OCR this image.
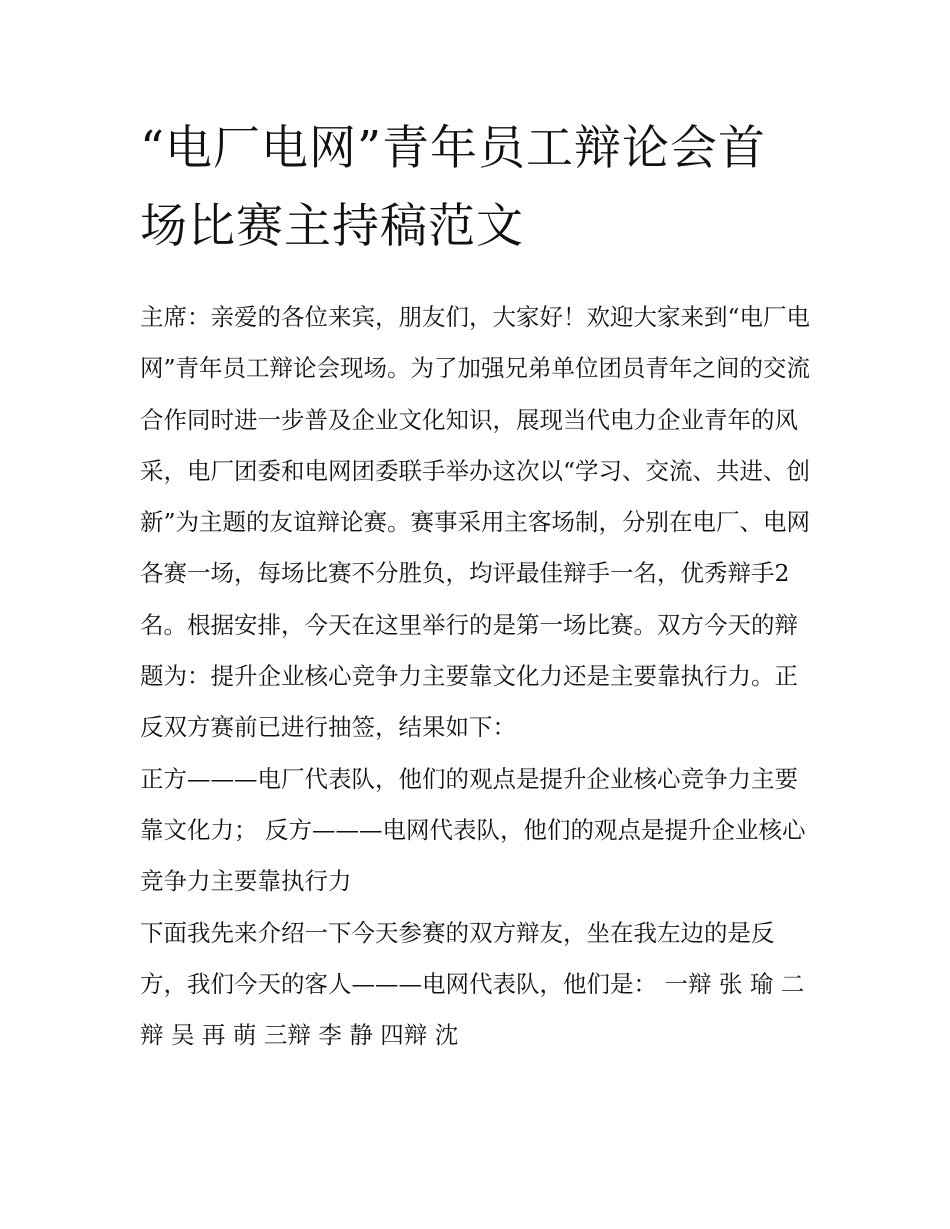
“电厂电网”青年员工辩论会首
场比赛主持稿范文

主席：亲爱的各位来宾，朋友们，大家好！欢迎大家来到“电厂电网”青年员工辩论会现场。为了加强兄弟单位团员青年之间的交流合作同时进一步普及企业文化知识，展现当代电力企业青年的风采，电厂团委和电网团委联手举办这次以“学习、交流、共进、创新”为主题的友谊辩论赛。赛事采用主客场制，分别在电厂、电网各赛一场，每场比赛不分胜负，均评最佳辩手一名，优秀辩手2名。根据安排，今天在这里举行的是第一场比赛。双方今天的辩题为：提升企业核心竞争力主要靠文化力还是主要靠执行力。正反双方赛前已进行抽签，结果如下：

正方———电厂代表队，他们的观点是提升企业核心竞争力主要靠文化力； 反方———电网代表队，他们的观点是提升企业核心竞争力主要靠执行力

下面我先来介绍一下今天参赛的双方辩友，坐在我左边的是反方，我们今天的客人———电网代表队，他们是： 一辩 张 瑜 二辩 吴 再 萌 三辩 李 静 四辩 沈
